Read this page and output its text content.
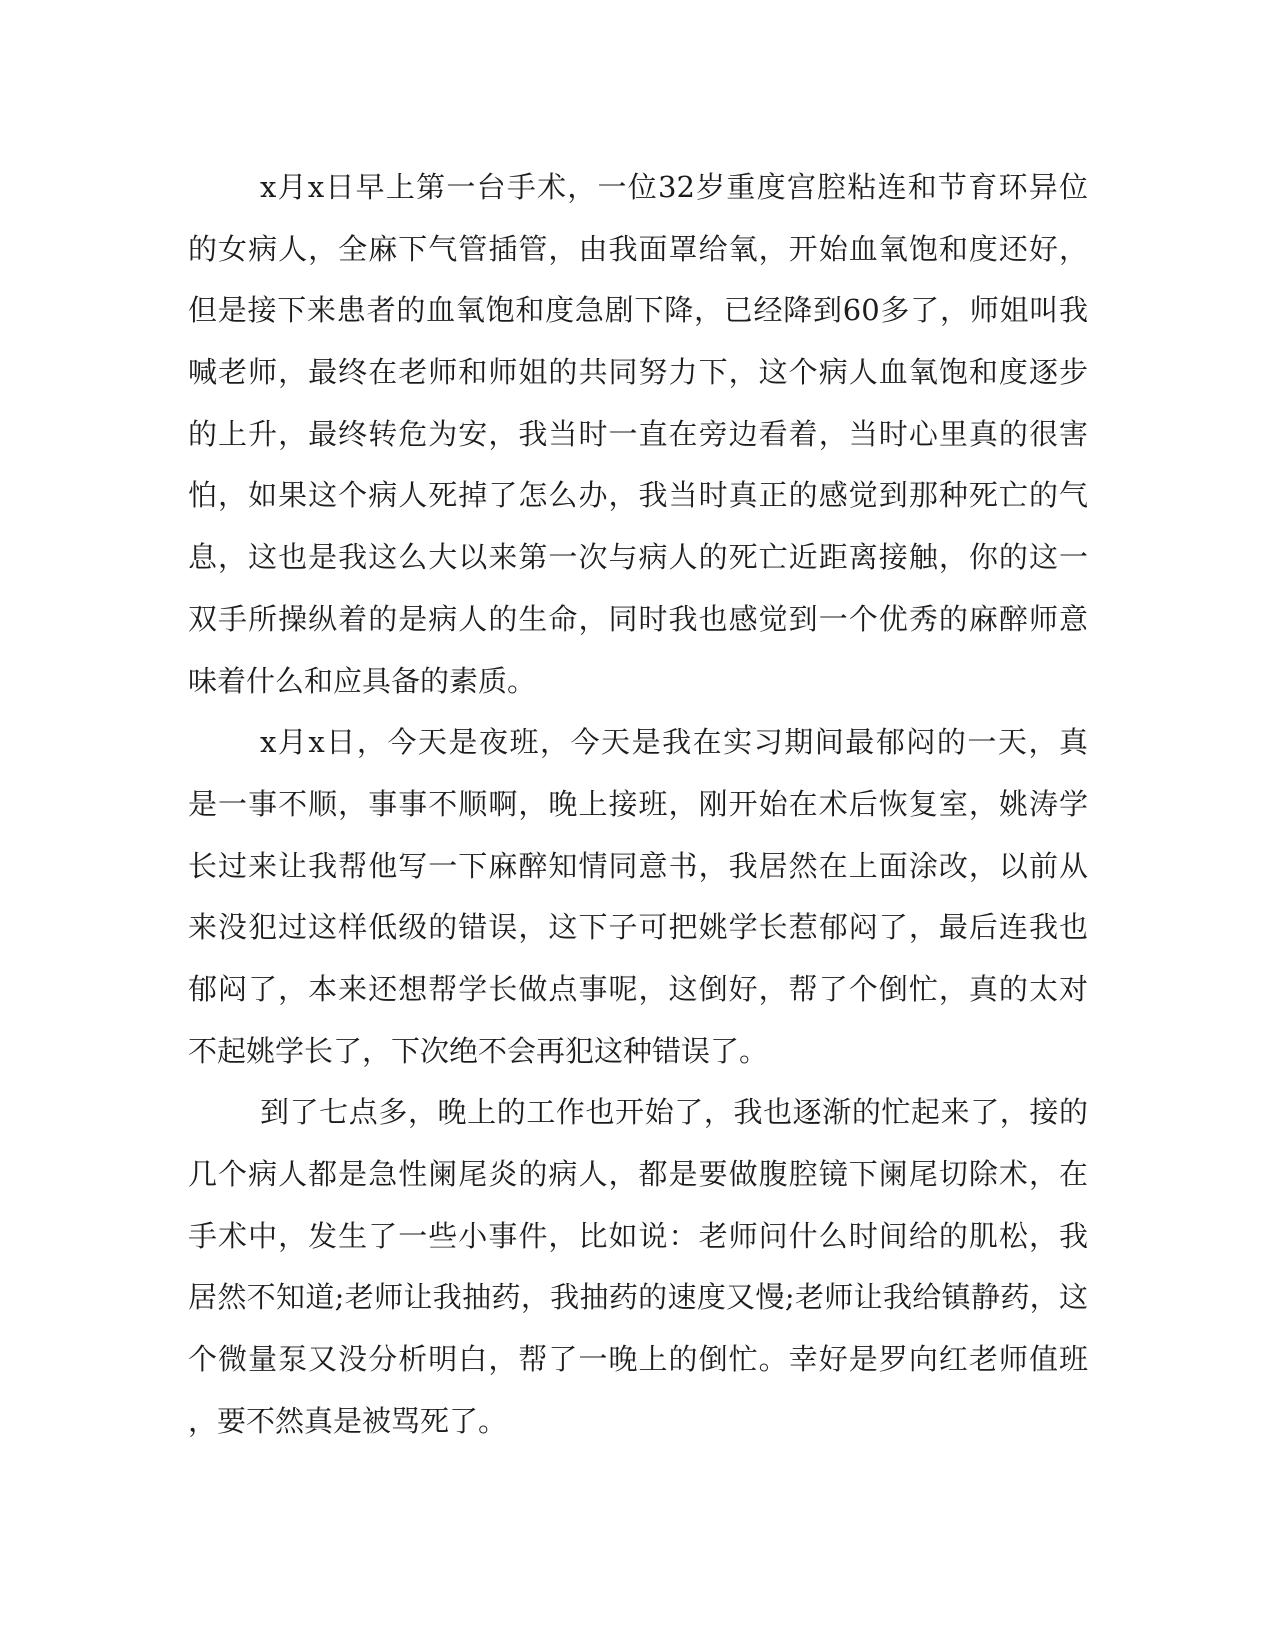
x月x日早上第一台手术，一位32岁重度宫腔粘连和节育环异位
的女病人，全麻下气管插管，由我面罩给氧，开始血氧饱和度还好，
但是接下来患者的血氧饱和度急剧下降，已经降到60多了，师姐叫我
喊老师，最终在老师和师姐的共同努力下，这个病人血氧饱和度逐步
的上升，最终转危为安，我当时一直在旁边看着，当时心里真的很害
怕，如果这个病人死掉了怎么办，我当时真正的感觉到那种死亡的气
息，这也是我这么大以来第一次与病人的死亡近距离接触，你的这一
双手所操纵着的是病人的生命，同时我也感觉到一个优秀的麻醉师意
味着什么和应具备的素质。
x月x日，今天是夜班，今天是我在实习期间最郁闷的一天，真
是一事不顺，事事不顺啊，晚上接班，刚开始在术后恢复室，姚涛学
长过来让我帮他写一下麻醉知情同意书，我居然在上面涂改，以前从
来没犯过这样低级的错误，这下子可把姚学长惹郁闷了，最后连我也
郁闷了，本来还想帮学长做点事呢，这倒好，帮了个倒忙，真的太对
不起姚学长了，下次绝不会再犯这种错误了。
到了七点多，晚上的工作也开始了，我也逐渐的忙起来了，接的
几个病人都是急性阑尾炎的病人，都是要做腹腔镜下阑尾切除术，在
手术中，发生了一些小事件，比如说：老师问什么时间给的肌松，我
居然不知道;老师让我抽药，我抽药的速度又慢;老师让我给镇静药，这
个微量泵又没分析明白，帮了一晚上的倒忙。幸好是罗向红老师值班
，要不然真是被骂死了。
